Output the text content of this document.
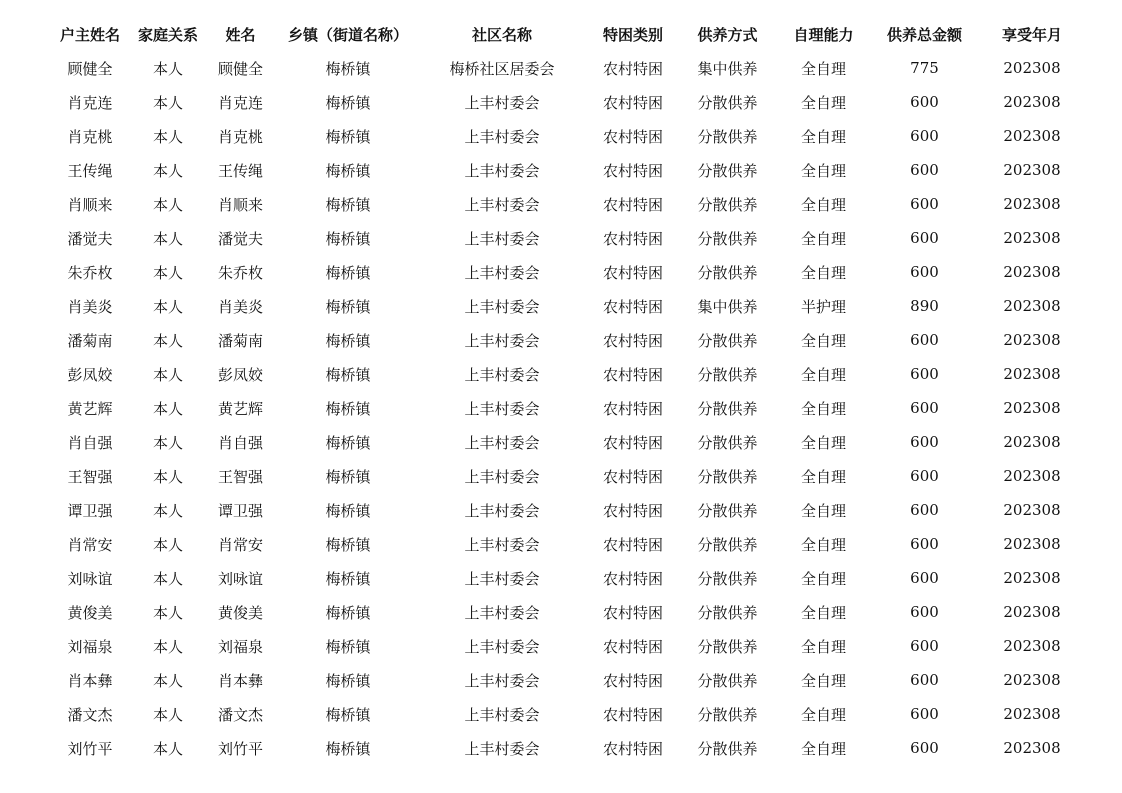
户主姓名	家庭关系	姓名	乡镇（街道名称）	社区名称	特困类别	供养方式	自理能力	供养总金额	享受年月
顾健全	本人	顾健全	梅桥镇	梅桥社区居委会	农村特困	集中供养	全自理	775	202308
肖克连	本人	肖克连	梅桥镇	上丰村委会	农村特困	分散供养	全自理	600	202308
肖克桃	本人	肖克桃	梅桥镇	上丰村委会	农村特困	分散供养	全自理	600	202308
王传绳	本人	王传绳	梅桥镇	上丰村委会	农村特困	分散供养	全自理	600	202308
肖顺来	本人	肖顺来	梅桥镇	上丰村委会	农村特困	分散供养	全自理	600	202308
潘觉夫	本人	潘觉夫	梅桥镇	上丰村委会	农村特困	分散供养	全自理	600	202308
朱乔枚	本人	朱乔枚	梅桥镇	上丰村委会	农村特困	分散供养	全自理	600	202308
肖美炎	本人	肖美炎	梅桥镇	上丰村委会	农村特困	集中供养	半护理	890	202308
潘菊南	本人	潘菊南	梅桥镇	上丰村委会	农村特困	分散供养	全自理	600	202308
彭凤姣	本人	彭凤姣	梅桥镇	上丰村委会	农村特困	分散供养	全自理	600	202308
黄艺辉	本人	黄艺辉	梅桥镇	上丰村委会	农村特困	分散供养	全自理	600	202308
肖自强	本人	肖自强	梅桥镇	上丰村委会	农村特困	分散供养	全自理	600	202308
王智强	本人	王智强	梅桥镇	上丰村委会	农村特困	分散供养	全自理	600	202308
谭卫强	本人	谭卫强	梅桥镇	上丰村委会	农村特困	分散供养	全自理	600	202308
肖常安	本人	肖常安	梅桥镇	上丰村委会	农村特困	分散供养	全自理	600	202308
刘咏谊	本人	刘咏谊	梅桥镇	上丰村委会	农村特困	分散供养	全自理	600	202308
黄俊美	本人	黄俊美	梅桥镇	上丰村委会	农村特困	分散供养	全自理	600	202308
刘福泉	本人	刘福泉	梅桥镇	上丰村委会	农村特困	分散供养	全自理	600	202308
肖本彝	本人	肖本彝	梅桥镇	上丰村委会	农村特困	分散供养	全自理	600	202308
潘文杰	本人	潘文杰	梅桥镇	上丰村委会	农村特困	分散供养	全自理	600	202308
刘竹平	本人	刘竹平	梅桥镇	上丰村委会	农村特困	分散供养	全自理	600	202308
